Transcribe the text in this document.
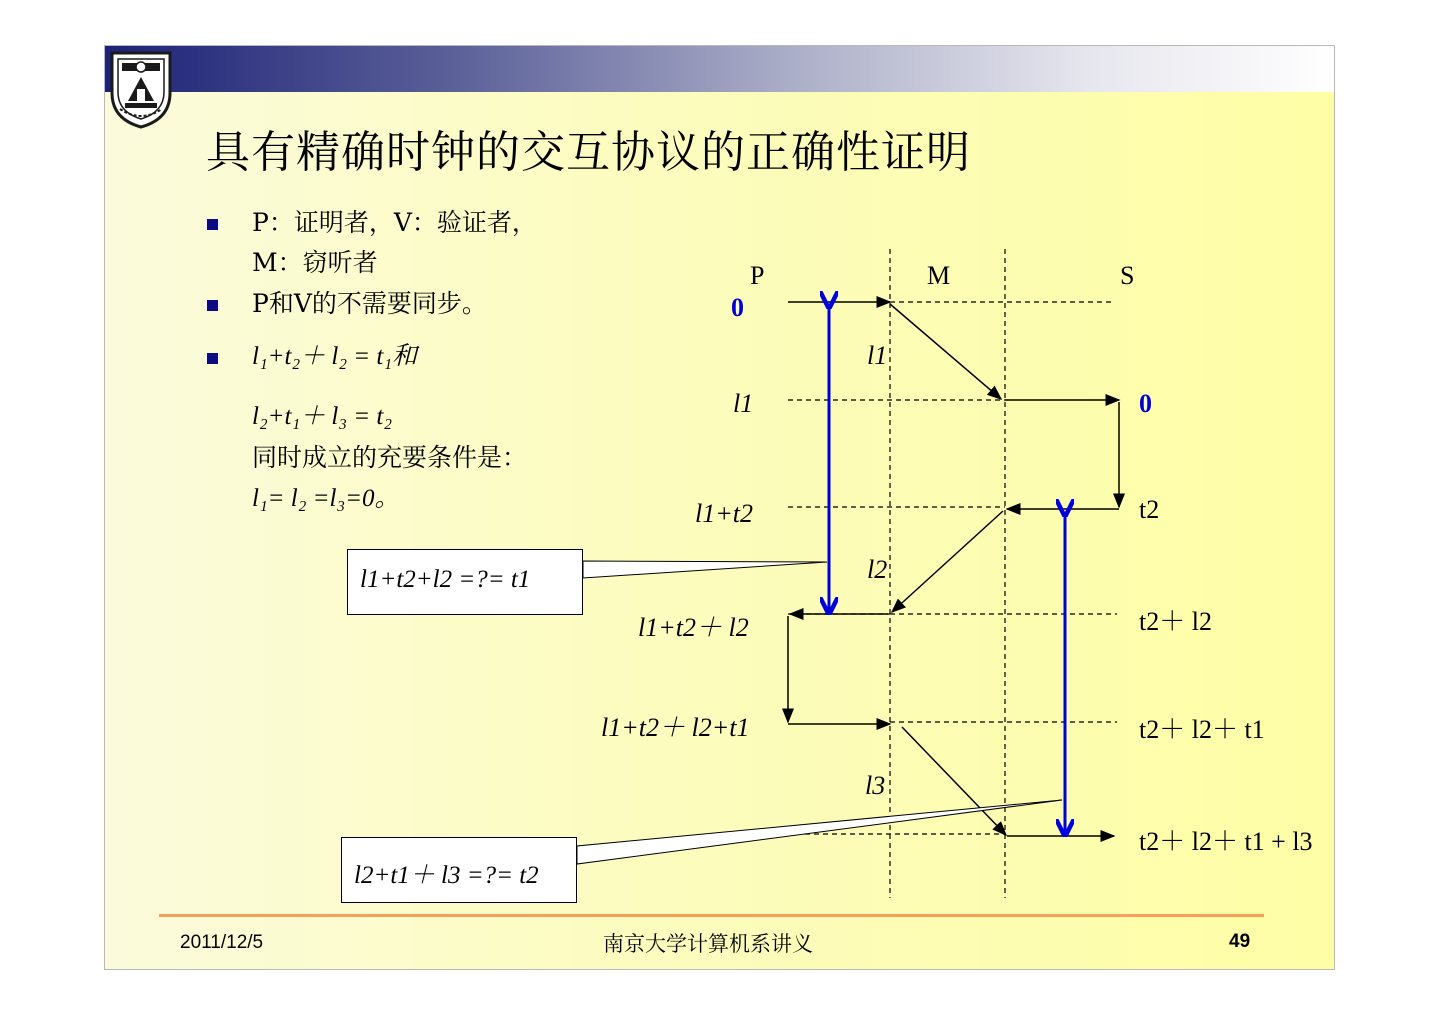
具有精确时钟的交互协议的正确性证明
P：证明者，V：验证者，
M：窃听者
P和V的不需要同步。
l₁+t₂＋ l₂ = t₁和
l₂+t₁＋ l₃ = t₂
同时成立的充要条件是：
l₁= l₂ =l₃=0。
P	M	S
0
l1
l1+t2
l1+t2＋ l2
l1+t2＋ l2+t1
0
t2
t2＋ l2
t2＋ l2＋ t1
t2＋ l2＋ t1 + l3
l1
l2
l3
l1+t2+l2 =?= t1
l2+t1＋ l3 =?= t2
2011/12/5	南京大学计算机系讲义	49
